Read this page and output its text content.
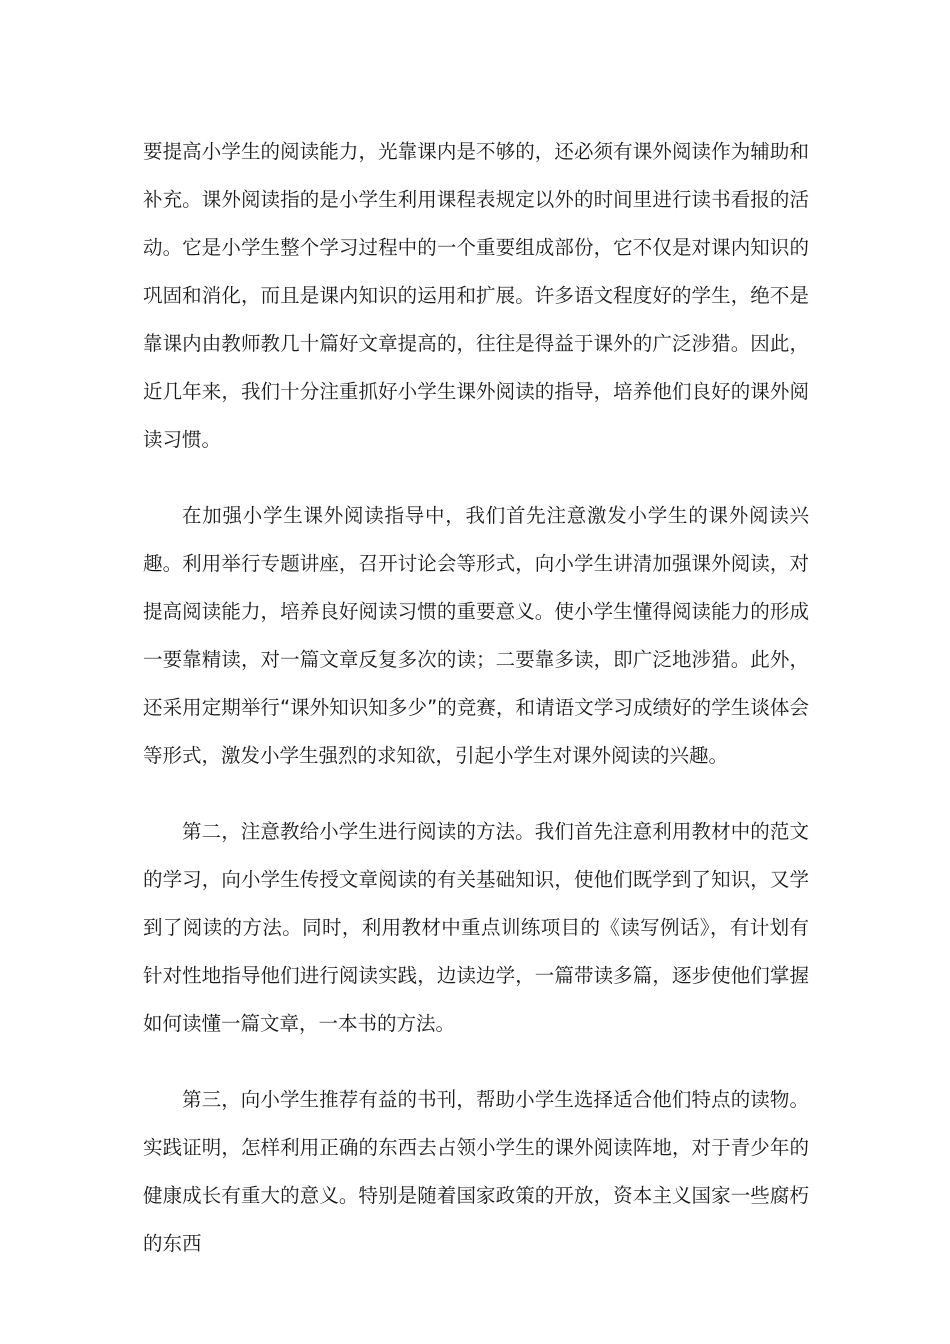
要提高小学生的阅读能力，光靠课内是不够的，还必须有课外阅读作为辅助和补充。课外阅读指的是小学生利用课程表规定以外的时间里进行读书看报的活动。它是小学生整个学习过程中的一个重要组成部份，它不仅是对课内知识的巩固和消化，而且是课内知识的运用和扩展。许多语文程度好的学生，绝不是靠课内由教师教几十篇好文章提高的，往往是得益于课外的广泛涉猎。因此，近几年来，我们十分注重抓好小学生课外阅读的指导，培养他们良好的课外阅读习惯。

在加强小学生课外阅读指导中，我们首先注意激发小学生的课外阅读兴趣。利用举行专题讲座，召开讨论会等形式，向小学生讲清加强课外阅读，对提高阅读能力，培养良好阅读习惯的重要意义。使小学生懂得阅读能力的形成一要靠精读，对一篇文章反复多次的读；二要靠多读，即广泛地涉猎。此外，还采用定期举行“课外知识知多少”的竞赛，和请语文学习成绩好的学生谈体会等形式，激发小学生强烈的求知欲，引起小学生对课外阅读的兴趣。

第二，注意教给小学生进行阅读的方法。我们首先注意利用教材中的范文的学习，向小学生传授文章阅读的有关基础知识，使他们既学到了知识，又学到了阅读的方法。同时，利用教材中重点训练项目的《读写例话》，有计划有针对性地指导他们进行阅读实践，边读边学，一篇带读多篇，逐步使他们掌握如何读懂一篇文章，一本书的方法。

第三，向小学生推荐有益的书刊，帮助小学生选择适合他们特点的读物。实践证明，怎样利用正确的东西去占领小学生的课外阅读阵地，对于青少年的健康成长有重大的意义。特别是随着国家政策的开放，资本主义国家一些腐朽的东西
